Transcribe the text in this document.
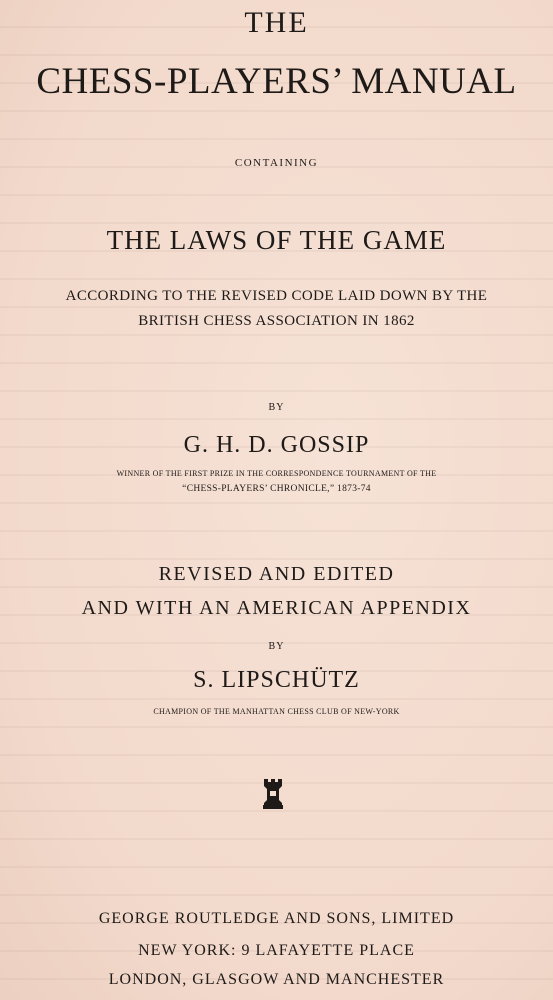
THE
CHESS-PLAYERS’ MANUAL
CONTAINING
THE LAWS OF THE GAME
ACCORDING TO THE REVISED CODE LAID DOWN BY THE
BRITISH CHESS ASSOCIATION IN 1862
BY
G. H. D. GOSSIP
WINNER OF THE FIRST PRIZE IN THE CORRESPONDENCE TOURNAMENT OF THE
“CHESS-PLAYERS’ CHRONICLE,” 1873-74
REVISED AND EDITED
AND WITH AN AMERICAN APPENDIX
BY
S. LIPSCHÜTZ
CHAMPION OF THE MANHATTAN CHESS CLUB OF NEW-YORK
GEORGE ROUTLEDGE AND SONS, LIMITED
NEW YORK: 9 LAFAYETTE PLACE
LONDON, GLASGOW AND MANCHESTER
